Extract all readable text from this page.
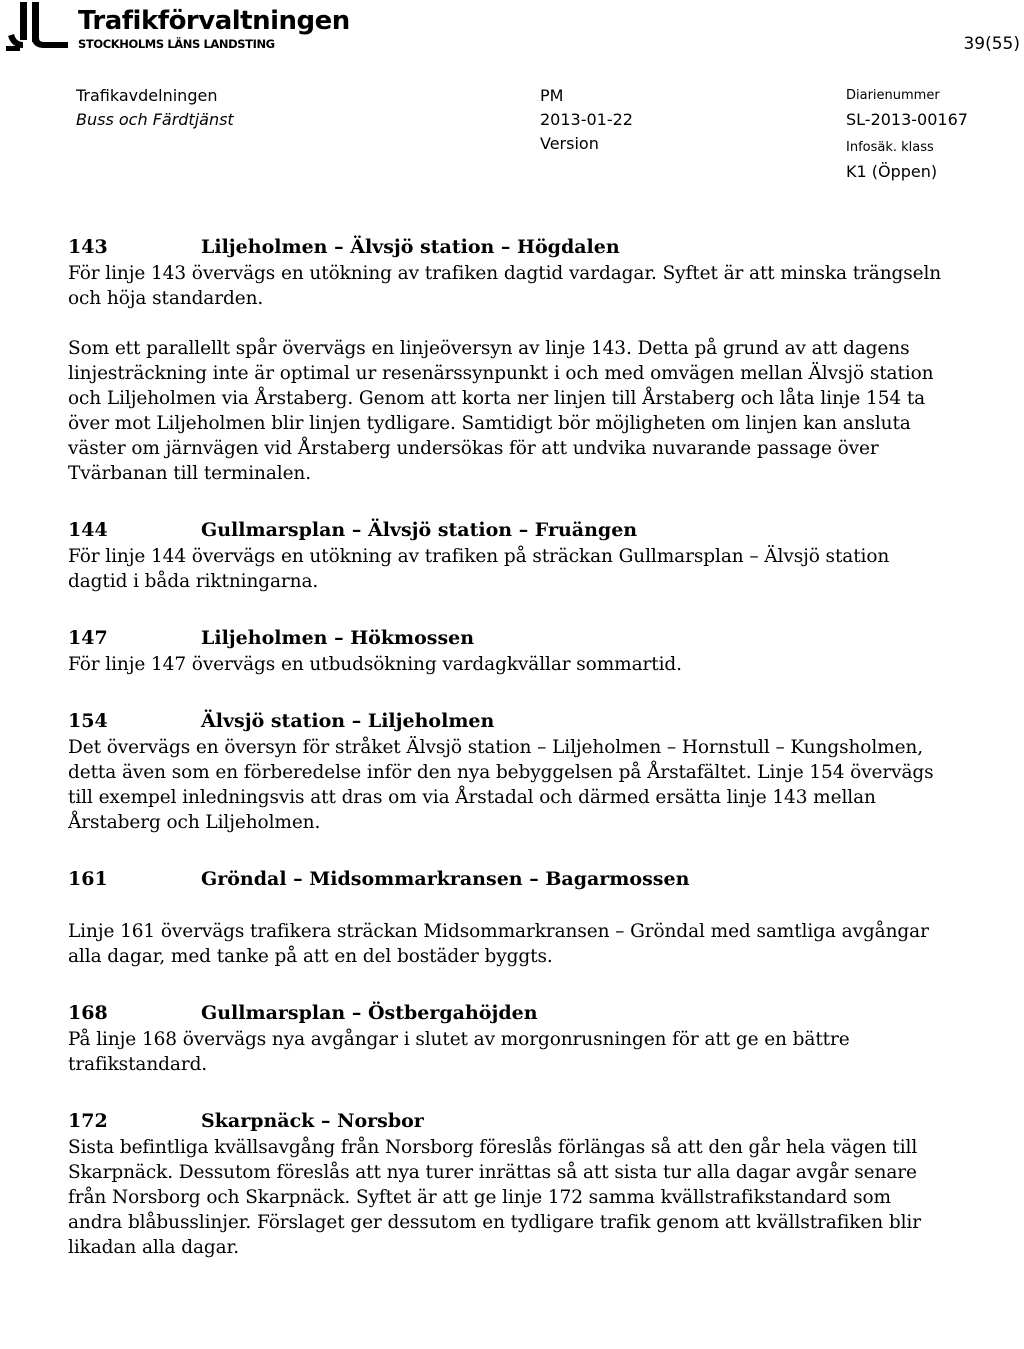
Trafikförvaltningen
STOCKHOLMS LÄNS LANDSTING	39(55)
Trafikavdelningen
Buss och Färdtjänst
PM
2013-01-22
Version
Diarienummer
SL-2013-00167
Infosäk. klass
K1 (Öppen)
143	Liljeholmen – Älvsjö station – Högdalen

För linje 143 övervägs en utökning av trafiken dagtid vardagar. Syftet är att minska trängseln och höja standarden.

Som ett parallellt spår övervägs en linjeöversyn av linje 143. Detta på grund av att dagens linjesträckning inte är optimal ur resenärssynpunkt i och med omvägen mellan Älvsjö station och Liljeholmen via Årstaberg. Genom att korta ner linjen till Årstaberg och låta linje 154 ta över mot Liljeholmen blir linjen tydligare. Samtidigt bör möjligheten om linjen kan ansluta väster om järnvägen vid Årstaberg undersökas för att undvika nuvarande passage över Tvärbanan till terminalen.

144	Gullmarsplan – Älvsjö station – Fruängen

För linje 144 övervägs en utökning av trafiken på sträckan Gullmarsplan – Älvsjö station dagtid i båda riktningarna.

147	Liljeholmen – Hökmossen

För linje 147 övervägs en utbudsökning vardagkvällar sommartid.

154	Älvsjö station – Liljeholmen

Det övervägs en översyn för stråket Älvsjö station – Liljeholmen – Hornstull – Kungsholmen, detta även som en förberedelse inför den nya bebyggelsen på Årstafältet. Linje 154 övervägs till exempel inledningsvis att dras om via Årstadal och därmed ersätta linje 143 mellan Årstaberg och Liljeholmen.

161	Gröndal – Midsommarkransen – Bagarmossen

Linje 161 övervägs trafikera sträckan Midsommarkransen – Gröndal med samtliga avgångar alla dagar, med tanke på att en del bostäder byggts.

168	Gullmarsplan – Östbergahöjden

På linje 168 övervägs nya avgångar i slutet av morgonrusningen för att ge en bättre trafikstandard.

172	Skarpnäck – Norsbor

Sista befintliga kvällsavgång från Norsborg föreslås förlängas så att den går hela vägen till Skarpnäck. Dessutom föreslås att nya turer inrättas så att sista tur alla dagar avgår senare från Norsborg och Skarpnäck. Syftet är att ge linje 172 samma kvällstrafikstandard som andra blåbusslinjer. Förslaget ger dessutom en tydligare trafik genom att kvällstrafiken blir likadan alla dagar.
